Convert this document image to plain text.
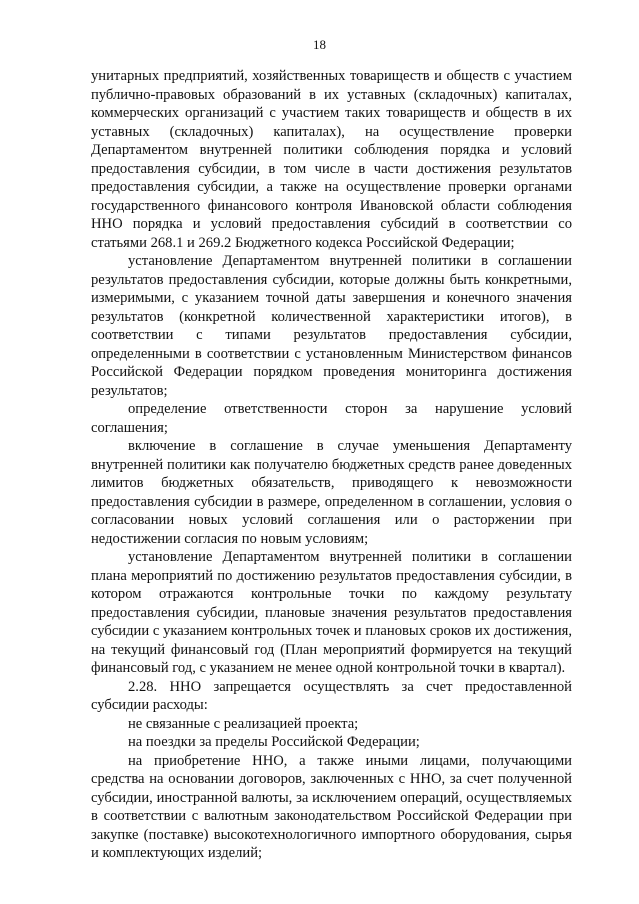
18

унитарных предприятий, хозяйственных товариществ и обществ с участием публично-правовых образований в их уставных (складочных) капиталах, коммерческих организаций с участием таких товариществ и обществ в их уставных (складочных) капиталах), на осуществление проверки Департаментом внутренней политики соблюдения порядка и условий предоставления субсидии, в том числе в части достижения результатов предоставления субсидии, а также на осуществление проверки органами государственного финансового контроля Ивановской области соблюдения ННО порядка и условий предоставления субсидий в соответствии со статьями 268.1 и 269.2 Бюджетного кодекса Российской Федерации;

установление Департаментом внутренней политики в соглашении результатов предоставления субсидии, которые должны быть конкретными, измеримыми, с указанием точной даты завершения и конечного значения результатов (конкретной количественной характеристики итогов), в соответствии с типами результатов предоставления субсидии, определенными в соответствии с установленным Министерством финансов Российской Федерации порядком проведения мониторинга достижения результатов;

определение ответственности сторон за нарушение условий соглашения;

включение в соглашение в случае уменьшения Департаменту внутренней политики как получателю бюджетных средств ранее доведенных лимитов бюджетных обязательств, приводящего к невозможности предоставления субсидии в размере, определенном в соглашении, условия о согласовании новых условий соглашения или о расторжении при недостижении согласия по новым условиям;

установление Департаментом внутренней политики в соглашении плана мероприятий по достижению результатов предоставления субсидии, в котором отражаются контрольные точки по каждому результату предоставления субсидии, плановые значения результатов предоставления субсидии с указанием контрольных точек и плановых сроков их достижения, на текущий финансовый год (План мероприятий формируется на текущий финансовый год, с указанием не менее одной контрольной точки в квартал).

2.28. ННО запрещается осуществлять за счет предоставленной субсидии расходы:

не связанные с реализацией проекта;

на поездки за пределы Российской Федерации;

на приобретение ННО, а также иными лицами, получающими средства на основании договоров, заключенных с ННО, за счет полученной субсидии, иностранной валюты, за исключением операций, осуществляемых в соответствии с валютным законодательством Российской Федерации при закупке (поставке) высокотехнологичного импортного оборудования, сырья и комплектующих изделий;
